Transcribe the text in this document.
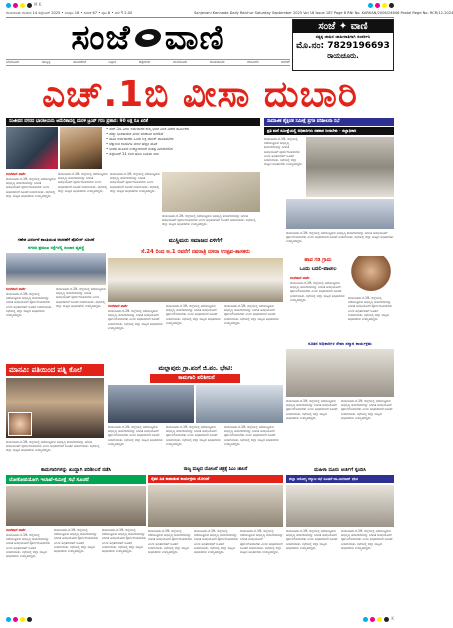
M K
ರಾಯಚೂರು ಶನಿವಾರ 14 ಸೆಪ್ಟೆಂಬರ್ 2025 • ಸಂಪುಟ 18 • ಸಂಚಿಕೆ 67 • ಪುಟ 8 • ಬೆಲೆ ₹ 2.00	Sanjevani Kannada Daily Raichur Saturday September 2025 Vol 18 Issue 187 Page 8 RNI No. KARKAN/2006/24646 Postal Regd No: RCR/12-2024
ಸಂಜೆ ವಾಣಿ	ಸಂಜೆ ✦ ವಾಣಿ
ಸತ್ಯಕ್ಕ ಜಾಹಿರ ಜಾಹೀರಾತಿಗಾಗಿ ಸಂಪರ್ಕಿಸಿ
ಮೊ.ನಂ: 7829196693
ರಾಯಚೂರು.
ಬೆಂಗಳೂರು	ಹುಬ್ಬಳ್ಳಿ	ಹೊಸಪೇಟೆ	ಬಳ್ಳಾರಿ	ಚಿತ್ರದುರ್ಗ	ಮಂಗಳೂರು	ರಾಯಚೂರು	ಕಲಬುರಗಿ	ಬೀದರ್
ಎಚ್.1ಬಿ ವೀಸಾ ದುಬಾರಿ
ಸಂಜೀವನ ನಗರದ ಭಾರತೀಯರು ಅಮೆರಿಕಾದಲ್ಲಿ ಮರಳಿ ಟ್ರಂಪ್ ಗರಂ ಪ್ರಹಾರ: 90 ಲಕ್ಷ ರೂ ಏರಿಕೆ
• ಹೆಚ್-1ಬಿ ವೀಸಾ ಅರ್ಜಿದಾರರ ಶುಲ್ಕ ಭಾರೀ ಏರಿಕೆ ವಿದೇಶ ಕಾರ್ಮಿಕರು
• ಹೆಚ್ಚು ಭಾರತೀಯರ ಮೇಲೆ ಪರಿಣಾಮ ಬೀರಲಿದೆ
• ಹೊಸ ಅರ್ಜಿದಾರರು ಒಂದು ಲಕ್ಷ ಡಾಲರ್ ಪಾವತಿಸಬೇಕು
• ಟೆಕ್ನಾಲಜಿ ಕಂಪನಿಗಳ ಮೇಲೆ ಹೆಚ್ಚಿನ ಹೊರೆ
• ಭಾರತ ಮೂಲದ ಉದ್ಯೋಗಿಗಳಿಗೆ ಸಂಕಷ್ಟ ಎದುರಾಗಲಿದೆ
• ಸೆಪ್ಟೆಂಬರ್ 21 ರಿಂದ ಹೊಸ ನಿಯಮ ಜಾರಿ
ಸಾಮಾಜಿಕ ಶೈಕ್ಷಣಿಕ ಸಮೀಕ್ಷೆ ಪ್ರಗತಿ ಪರಿಶೀಲನಾ ಸಭೆ
ಪ್ರತಿ ಮನೆ ಸಮೀಕ್ಷೆಯಲ್ಲಿ ಅಧಿಕಾರಿಗಳು ಸಹಕಾರ ನೀಡಬೇಕು - ಜಿಲ್ಲಾಧಿಕಾರಿ
ರಾಯಚೂರು.ಸೆ.19- ಜಿಲ್ಲೆಯಲ್ಲಿ ನಡೆಯುತ್ತಿರುವ ಅಭಿವೃದ್ಧಿ ಕಾಮಗಾರಿಗಳನ್ನು ನಿಗದಿತ ಅವಧಿಯೊಳಗೆ ಪೂರ್ಣಗೊಳಿಸಬೇಕು ಎಂದು ಅಧಿಕಾರಿಗಳಿಗೆ ಸೂಚನೆ ನೀಡಲಾಯಿತು. ಸಭೆಯಲ್ಲಿ ಜಿಲ್ಲಾ ಮಟ್ಟದ ಅಧಿಕಾರಿಗಳು ಉಪಸ್ಥಿತರಿದ್ದರು.
ಸಂಜೆವಾಣಿ ವಾರ್ತೆ
ರಾಯಚೂರು.ಸೆ.19- ಜಿಲ್ಲೆಯಲ್ಲಿ ನಡೆಯುತ್ತಿರುವ ಅಭಿವೃದ್ಧಿ ಕಾಮಗಾರಿಗಳನ್ನು ನಿಗದಿತ ಅವಧಿಯೊಳಗೆ ಪೂರ್ಣಗೊಳಿಸಬೇಕು ಎಂದು ಅಧಿಕಾರಿಗಳಿಗೆ ಸೂಚನೆ ನೀಡಲಾಯಿತು. ಸಭೆಯಲ್ಲಿ ಜಿಲ್ಲಾ ಮಟ್ಟದ ಅಧಿಕಾರಿಗಳು ಉಪಸ್ಥಿತರಿದ್ದರು.
ರಾಯಚೂರು.ಸೆ.19- ಜಿಲ್ಲೆಯಲ್ಲಿ ನಡೆಯುತ್ತಿರುವ ಅಭಿವೃದ್ಧಿ ಕಾಮಗಾರಿಗಳನ್ನು ನಿಗದಿತ ಅವಧಿಯೊಳಗೆ ಪೂರ್ಣಗೊಳಿಸಬೇಕು ಎಂದು ಅಧಿಕಾರಿಗಳಿಗೆ ಸೂಚನೆ ನೀಡಲಾಯಿತು. ಸಭೆಯಲ್ಲಿ ಜಿಲ್ಲಾ ಮಟ್ಟದ ಅಧಿಕಾರಿಗಳು ಉಪಸ್ಥಿತರಿದ್ದರು.
ರಾಯಚೂರು.ಸೆ.19- ಜಿಲ್ಲೆಯಲ್ಲಿ ನಡೆಯುತ್ತಿರುವ ಅಭಿವೃದ್ಧಿ ಕಾಮಗಾರಿಗಳನ್ನು ನಿಗದಿತ ಅವಧಿಯೊಳಗೆ ಪೂರ್ಣಗೊಳಿಸಬೇಕು ಎಂದು ಅಧಿಕಾರಿಗಳಿಗೆ ಸೂಚನೆ ನೀಡಲಾಯಿತು. ಸಭೆಯಲ್ಲಿ ಜಿಲ್ಲಾ ಮಟ್ಟದ ಅಧಿಕಾರಿಗಳು ಉಪಸ್ಥಿತರಿದ್ದರು.
ರಾಯಚೂರು.ಸೆ.19- ಜಿಲ್ಲೆಯಲ್ಲಿ ನಡೆಯುತ್ತಿರುವ ಅಭಿವೃದ್ಧಿ ಕಾಮಗಾರಿಗಳನ್ನು ನಿಗದಿತ ಅವಧಿಯೊಳಗೆ ಪೂರ್ಣಗೊಳಿಸಬೇಕು ಎಂದು ಅಧಿಕಾರಿಗಳಿಗೆ ಸೂಚನೆ ನೀಡಲಾಯಿತು. ಸಭೆಯಲ್ಲಿ ಜಿಲ್ಲಾ ಮಟ್ಟದ ಅಧಿಕಾರಿಗಳು ಉಪಸ್ಥಿತರಿದ್ದರು.
ಗಣೇಶ ವಿಸರ್ಜನೆ ಶಾಂತಿಯುತ ಆಚರಣೆಗೆ ಪೊಲೀಸ್ ಸೂಚನೆ
ನಗರದ ಪ್ರಮುಖ ರಸ್ತೆಗಳಲ್ಲಿ ಸಂಚಾರ ವ್ಯವಸ್ಥೆ
ಸಂಜೆವಾಣಿ ವಾರ್ತೆ
ರಾಯಚೂರು.ಸೆ.19- ಜಿಲ್ಲೆಯಲ್ಲಿ ನಡೆಯುತ್ತಿರುವ ಅಭಿವೃದ್ಧಿ ಕಾಮಗಾರಿಗಳನ್ನು ನಿಗದಿತ ಅವಧಿಯೊಳಗೆ ಪೂರ್ಣಗೊಳಿಸಬೇಕು ಎಂದು ಅಧಿಕಾರಿಗಳಿಗೆ ಸೂಚನೆ ನೀಡಲಾಯಿತು. ಸಭೆಯಲ್ಲಿ ಜಿಲ್ಲಾ ಮಟ್ಟದ ಅಧಿಕಾರಿಗಳು ಉಪಸ್ಥಿತರಿದ್ದರು.
ರಾಯಚೂರು.ಸೆ.19- ಜಿಲ್ಲೆಯಲ್ಲಿ ನಡೆಯುತ್ತಿರುವ ಅಭಿವೃದ್ಧಿ ಕಾಮಗಾರಿಗಳನ್ನು ನಿಗದಿತ ಅವಧಿಯೊಳಗೆ ಪೂರ್ಣಗೊಳಿಸಬೇಕು ಎಂದು ಅಧಿಕಾರಿಗಳಿಗೆ ಸೂಚನೆ ನೀಡಲಾಯಿತು. ಸಭೆಯಲ್ಲಿ ಜಿಲ್ಲಾ ಮಟ್ಟದ ಅಧಿಕಾರಿಗಳು ಉಪಸ್ಥಿತರಿದ್ದರು.
ಮುಸ್ಲಿಮರು ಸಮಾಜದ ಏಳಿಗೆಗೆ
ಸೆ.24 ರಿಂದ ಅ.1 ರವರೆಗೆ ನವರಾತ್ರಿ ದಸರಾ ಉತ್ಸವ-ಶಾಸಕರು
ಸಂಜೆವಾಣಿ ವಾರ್ತೆ
ರಾಯಚೂರು.ಸೆ.19- ಜಿಲ್ಲೆಯಲ್ಲಿ ನಡೆಯುತ್ತಿರುವ ಅಭಿವೃದ್ಧಿ ಕಾಮಗಾರಿಗಳನ್ನು ನಿಗದಿತ ಅವಧಿಯೊಳಗೆ ಪೂರ್ಣಗೊಳಿಸಬೇಕು ಎಂದು ಅಧಿಕಾರಿಗಳಿಗೆ ಸೂಚನೆ ನೀಡಲಾಯಿತು. ಸಭೆಯಲ್ಲಿ ಜಿಲ್ಲಾ ಮಟ್ಟದ ಅಧಿಕಾರಿಗಳು ಉಪಸ್ಥಿತರಿದ್ದರು.
ರಾಯಚೂರು.ಸೆ.19- ಜಿಲ್ಲೆಯಲ್ಲಿ ನಡೆಯುತ್ತಿರುವ ಅಭಿವೃದ್ಧಿ ಕಾಮಗಾರಿಗಳನ್ನು ನಿಗದಿತ ಅವಧಿಯೊಳಗೆ ಪೂರ್ಣಗೊಳಿಸಬೇಕು ಎಂದು ಅಧಿಕಾರಿಗಳಿಗೆ ಸೂಚನೆ ನೀಡಲಾಯಿತು. ಸಭೆಯಲ್ಲಿ ಜಿಲ್ಲಾ ಮಟ್ಟದ ಅಧಿಕಾರಿಗಳು ಉಪಸ್ಥಿತರಿದ್ದರು.
ರಾಯಚೂರು.ಸೆ.19- ಜಿಲ್ಲೆಯಲ್ಲಿ ನಡೆಯುತ್ತಿರುವ ಅಭಿವೃದ್ಧಿ ಕಾಮಗಾರಿಗಳನ್ನು ನಿಗದಿತ ಅವಧಿಯೊಳಗೆ ಪೂರ್ಣಗೊಳಿಸಬೇಕು ಎಂದು ಅಧಿಕಾರಿಗಳಿಗೆ ಸೂಚನೆ ನೀಡಲಾಯಿತು. ಸಭೆಯಲ್ಲಿ ಜಿಲ್ಲಾ ಮಟ್ಟದ ಅಧಿಕಾರಿಗಳು ಉಪಸ್ಥಿತರಿದ್ದರು.
ರಾಯಚೂರು.ಸೆ.19- ಜಿಲ್ಲೆಯಲ್ಲಿ ನಡೆಯುತ್ತಿರುವ ಅಭಿವೃದ್ಧಿ ಕಾಮಗಾರಿಗಳನ್ನು ನಿಗದಿತ ಅವಧಿಯೊಳಗೆ ಪೂರ್ಣಗೊಳಿಸಬೇಕು ಎಂದು ಅಧಿಕಾರಿಗಳಿಗೆ ಸೂಚನೆ ನೀಡಲಾಯಿತು. ಸಭೆಯಲ್ಲಿ ಜಿಲ್ಲಾ ಮಟ್ಟದ ಅಧಿಕಾರಿಗಳು ಉಪಸ್ಥಿತರಿದ್ದರು.
ಹಾವ ಗಡಿ ಗ್ರಾಮ
ಒಂದು ಬದಲಿ-ಪಾಟೀಲ
ಸಂಜೆವಾಣಿ ವಾರ್ತೆ
ರಾಯಚೂರು.ಸೆ.19- ಜಿಲ್ಲೆಯಲ್ಲಿ ನಡೆಯುತ್ತಿರುವ ಅಭಿವೃದ್ಧಿ ಕಾಮಗಾರಿಗಳನ್ನು ನಿಗದಿತ ಅವಧಿಯೊಳಗೆ ಪೂರ್ಣಗೊಳಿಸಬೇಕು ಎಂದು ಅಧಿಕಾರಿಗಳಿಗೆ ಸೂಚನೆ ನೀಡಲಾಯಿತು. ಸಭೆಯಲ್ಲಿ ಜಿಲ್ಲಾ ಮಟ್ಟದ ಅಧಿಕಾರಿಗಳು ಉಪಸ್ಥಿತರಿದ್ದರು.	ರಾಯಚೂರು.ಸೆ.19- ಜಿಲ್ಲೆಯಲ್ಲಿ ನಡೆಯುತ್ತಿರುವ ಅಭಿವೃದ್ಧಿ ಕಾಮಗಾರಿಗಳನ್ನು ನಿಗದಿತ ಅವಧಿಯೊಳಗೆ ಪೂರ್ಣಗೊಳಿಸಬೇಕು ಎಂದು ಅಧಿಕಾರಿಗಳಿಗೆ ಸೂಚನೆ ನೀಡಲಾಯಿತು. ಸಭೆಯಲ್ಲಿ ಜಿಲ್ಲಾ ಮಟ್ಟದ ಅಧಿಕಾರಿಗಳು ಉಪಸ್ಥಿತರಿದ್ದರು.
ಮಾನವಿ: ಪತಿಯಿಂದ ಪತ್ನಿ ಕೊಲೆ
ರಾಯಚೂರು.ಸೆ.19- ಜಿಲ್ಲೆಯಲ್ಲಿ ನಡೆಯುತ್ತಿರುವ ಅಭಿವೃದ್ಧಿ ಕಾಮಗಾರಿಗಳನ್ನು ನಿಗದಿತ ಅವಧಿಯೊಳಗೆ ಪೂರ್ಣಗೊಳಿಸಬೇಕು ಎಂದು ಅಧಿಕಾರಿಗಳಿಗೆ ಸೂಚನೆ ನೀಡಲಾಯಿತು. ಸಭೆಯಲ್ಲಿ ಜಿಲ್ಲಾ ಮಟ್ಟದ ಅಧಿಕಾರಿಗಳು ಉಪಸ್ಥಿತರಿದ್ದರು.
ಮಲ್ಲಾಪುರು ಗ್ರಾ.ಪಂಗೆ ಜಿ.ಪಂ. ಭೇಟಿ:
ಕಾಮಗಾರಿ ಪರಿಶೀಲನೆ
ರಾಯಚೂರು.ಸೆ.19- ಜಿಲ್ಲೆಯಲ್ಲಿ ನಡೆಯುತ್ತಿರುವ ಅಭಿವೃದ್ಧಿ ಕಾಮಗಾರಿಗಳನ್ನು ನಿಗದಿತ ಅವಧಿಯೊಳಗೆ ಪೂರ್ಣಗೊಳಿಸಬೇಕು ಎಂದು ಅಧಿಕಾರಿಗಳಿಗೆ ಸೂಚನೆ ನೀಡಲಾಯಿತು. ಸಭೆಯಲ್ಲಿ ಜಿಲ್ಲಾ ಮಟ್ಟದ ಅಧಿಕಾರಿಗಳು ಉಪಸ್ಥಿತರಿದ್ದರು.
ರಾಯಚೂರು.ಸೆ.19- ಜಿಲ್ಲೆಯಲ್ಲಿ ನಡೆಯುತ್ತಿರುವ ಅಭಿವೃದ್ಧಿ ಕಾಮಗಾರಿಗಳನ್ನು ನಿಗದಿತ ಅವಧಿಯೊಳಗೆ ಪೂರ್ಣಗೊಳಿಸಬೇಕು ಎಂದು ಅಧಿಕಾರಿಗಳಿಗೆ ಸೂಚನೆ ನೀಡಲಾಯಿತು. ಸಭೆಯಲ್ಲಿ ಜಿಲ್ಲಾ ಮಟ್ಟದ ಅಧಿಕಾರಿಗಳು ಉಪಸ್ಥಿತರಿದ್ದರು.
ರಾಯಚೂರು.ಸೆ.19- ಜಿಲ್ಲೆಯಲ್ಲಿ ನಡೆಯುತ್ತಿರುವ ಅಭಿವೃದ್ಧಿ ಕಾಮಗಾರಿಗಳನ್ನು ನಿಗದಿತ ಅವಧಿಯೊಳಗೆ ಪೂರ್ಣಗೊಳಿಸಬೇಕು ಎಂದು ಅಧಿಕಾರಿಗಳಿಗೆ ಸೂಚನೆ ನೀಡಲಾಯಿತು. ಸಭೆಯಲ್ಲಿ ಜಿಲ್ಲಾ ಮಟ್ಟದ ಅಧಿಕಾರಿಗಳು ಉಪಸ್ಥಿತರಿದ್ದರು.
ನೂತನ ಅಧಿಕಾರಿಗಳ ಸೇವಾ ಸನ್ಮಾನ ಕಾರ್ಯಕ್ರಮ
ರಾಯಚೂರು.ಸೆ.19- ಜಿಲ್ಲೆಯಲ್ಲಿ ನಡೆಯುತ್ತಿರುವ ಅಭಿವೃದ್ಧಿ ಕಾಮಗಾರಿಗಳನ್ನು ನಿಗದಿತ ಅವಧಿಯೊಳಗೆ ಪೂರ್ಣಗೊಳಿಸಬೇಕು ಎಂದು ಅಧಿಕಾರಿಗಳಿಗೆ ಸೂಚನೆ ನೀಡಲಾಯಿತು. ಸಭೆಯಲ್ಲಿ ಜಿಲ್ಲಾ ಮಟ್ಟದ ಅಧಿಕಾರಿಗಳು ಉಪಸ್ಥಿತರಿದ್ದರು.
ರಾಯಚೂರು.ಸೆ.19- ಜಿಲ್ಲೆಯಲ್ಲಿ ನಡೆಯುತ್ತಿರುವ ಅಭಿವೃದ್ಧಿ ಕಾಮಗಾರಿಗಳನ್ನು ನಿಗದಿತ ಅವಧಿಯೊಳಗೆ ಪೂರ್ಣಗೊಳಿಸಬೇಕು ಎಂದು ಅಧಿಕಾರಿಗಳಿಗೆ ಸೂಚನೆ ನೀಡಲಾಯಿತು. ಸಭೆಯಲ್ಲಿ ಜಿಲ್ಲಾ ಮಟ್ಟದ ಅಧಿಕಾರಿಗಳು ಉಪಸ್ಥಿತರಿದ್ದರು.
ಕಾಮಗಾರಿಗಳನ್ನು ಖುದ್ದಾಗಿ ಪರಿಶೀಲನೆ ನಡೆಸಿ
ಲೋಕೋಪಯೋಗಿ ಇಲಾಖೆ-ಸಮೀಕ್ಷೆ ಸಭೆ ಸೂಚನೆ
ಸಂಜೆವಾಣಿ ವಾರ್ತೆ
ರಾಯಚೂರು.ಸೆ.19- ಜಿಲ್ಲೆಯಲ್ಲಿ ನಡೆಯುತ್ತಿರುವ ಅಭಿವೃದ್ಧಿ ಕಾಮಗಾರಿಗಳನ್ನು ನಿಗದಿತ ಅವಧಿಯೊಳಗೆ ಪೂರ್ಣಗೊಳಿಸಬೇಕು ಎಂದು ಅಧಿಕಾರಿಗಳಿಗೆ ಸೂಚನೆ ನೀಡಲಾಯಿತು. ಸಭೆಯಲ್ಲಿ ಜಿಲ್ಲಾ ಮಟ್ಟದ ಅಧಿಕಾರಿಗಳು ಉಪಸ್ಥಿತರಿದ್ದರು.
ರಾಯಚೂರು.ಸೆ.19- ಜಿಲ್ಲೆಯಲ್ಲಿ ನಡೆಯುತ್ತಿರುವ ಅಭಿವೃದ್ಧಿ ಕಾಮಗಾರಿಗಳನ್ನು ನಿಗದಿತ ಅವಧಿಯೊಳಗೆ ಪೂರ್ಣಗೊಳಿಸಬೇಕು ಎಂದು ಅಧಿಕಾರಿಗಳಿಗೆ ಸೂಚನೆ ನೀಡಲಾಯಿತು. ಸಭೆಯಲ್ಲಿ ಜಿಲ್ಲಾ ಮಟ್ಟದ ಅಧಿಕಾರಿಗಳು ಉಪಸ್ಥಿತರಿದ್ದರು.
ರಾಯಚೂರು.ಸೆ.19- ಜಿಲ್ಲೆಯಲ್ಲಿ ನಡೆಯುತ್ತಿರುವ ಅಭಿವೃದ್ಧಿ ಕಾಮಗಾರಿಗಳನ್ನು ನಿಗದಿತ ಅವಧಿಯೊಳಗೆ ಪೂರ್ಣಗೊಳಿಸಬೇಕು ಎಂದು ಅಧಿಕಾರಿಗಳಿಗೆ ಸೂಚನೆ ನೀಡಲಾಯಿತು. ಸಭೆಯಲ್ಲಿ ಜಿಲ್ಲಾ ಮಟ್ಟದ ಅಧಿಕಾರಿಗಳು ಉಪಸ್ಥಿತರಿದ್ದರು.
ರಾಜ್ಯ ಮಟ್ಟದ ಯೋಜನೆ ಚಿತ್ರಕ್ಕೆ ಸಿಎಂ ಚಾಲನೆ
ರೈತರ ಹಿತ ಕಾಪಾಡುವ ಕಾರ್ಯಕ್ರಮ ಯೋಜನೆ
ರಾಯಚೂರು.ಸೆ.19- ಜಿಲ್ಲೆಯಲ್ಲಿ ನಡೆಯುತ್ತಿರುವ ಅಭಿವೃದ್ಧಿ ಕಾಮಗಾರಿಗಳನ್ನು ನಿಗದಿತ ಅವಧಿಯೊಳಗೆ ಪೂರ್ಣಗೊಳಿಸಬೇಕು ಎಂದು ಅಧಿಕಾರಿಗಳಿಗೆ ಸೂಚನೆ ನೀಡಲಾಯಿತು. ಸಭೆಯಲ್ಲಿ ಜಿಲ್ಲಾ ಮಟ್ಟದ ಅಧಿಕಾರಿಗಳು ಉಪಸ್ಥಿತರಿದ್ದರು.
ರಾಯಚೂರು.ಸೆ.19- ಜಿಲ್ಲೆಯಲ್ಲಿ ನಡೆಯುತ್ತಿರುವ ಅಭಿವೃದ್ಧಿ ಕಾಮಗಾರಿಗಳನ್ನು ನಿಗದಿತ ಅವಧಿಯೊಳಗೆ ಪೂರ್ಣಗೊಳಿಸಬೇಕು ಎಂದು ಅಧಿಕಾರಿಗಳಿಗೆ ಸೂಚನೆ ನೀಡಲಾಯಿತು. ಸಭೆಯಲ್ಲಿ ಜಿಲ್ಲಾ ಮಟ್ಟದ ಅಧಿಕಾರಿಗಳು ಉಪಸ್ಥಿತರಿದ್ದರು.
ರಾಯಚೂರು.ಸೆ.19- ಜಿಲ್ಲೆಯಲ್ಲಿ ನಡೆಯುತ್ತಿರುವ ಅಭಿವೃದ್ಧಿ ಕಾಮಗಾರಿಗಳನ್ನು ನಿಗದಿತ ಅವಧಿಯೊಳಗೆ ಪೂರ್ಣಗೊಳಿಸಬೇಕು ಎಂದು ಅಧಿಕಾರಿಗಳಿಗೆ ಸೂಚನೆ ನೀಡಲಾಯಿತು. ಸಭೆಯಲ್ಲಿ ಜಿಲ್ಲಾ ಮಟ್ಟದ ಅಧಿಕಾರಿಗಳು ಉಪಸ್ಥಿತರಿದ್ದರು.
ಮಹಿಳಾ ದೂರು ಅರ್ಜಿಗೆ ಸ್ಪಂದಿಸಿ
ಜಿಲ್ಲಾ ಅರೋಗ್ಯ ಕಲ್ಯಾಣ ಸಭೆ ಸೂಚನೆ-ಡಾ.ನಾಗರಾಜ್ ಭೇಟಿ
ರಾಯಚೂರು.ಸೆ.19- ಜಿಲ್ಲೆಯಲ್ಲಿ ನಡೆಯುತ್ತಿರುವ ಅಭಿವೃದ್ಧಿ ಕಾಮಗಾರಿಗಳನ್ನು ನಿಗದಿತ ಅವಧಿಯೊಳಗೆ ಪೂರ್ಣಗೊಳಿಸಬೇಕು ಎಂದು ಅಧಿಕಾರಿಗಳಿಗೆ ಸೂಚನೆ ನೀಡಲಾಯಿತು. ಸಭೆಯಲ್ಲಿ ಜಿಲ್ಲಾ ಮಟ್ಟದ ಅಧಿಕಾರಿಗಳು ಉಪಸ್ಥಿತರಿದ್ದರು.
ರಾಯಚೂರು.ಸೆ.19- ಜಿಲ್ಲೆಯಲ್ಲಿ ನಡೆಯುತ್ತಿರುವ ಅಭಿವೃದ್ಧಿ ಕಾಮಗಾರಿಗಳನ್ನು ನಿಗದಿತ ಅವಧಿಯೊಳಗೆ ಪೂರ್ಣಗೊಳಿಸಬೇಕು ಎಂದು ಅಧಿಕಾರಿಗಳಿಗೆ ಸೂಚನೆ ನೀಡಲಾಯಿತು. ಸಭೆಯಲ್ಲಿ ಜಿಲ್ಲಾ ಮಟ್ಟದ ಅಧಿಕಾರಿಗಳು ಉಪಸ್ಥಿತರಿದ್ದರು.
K
